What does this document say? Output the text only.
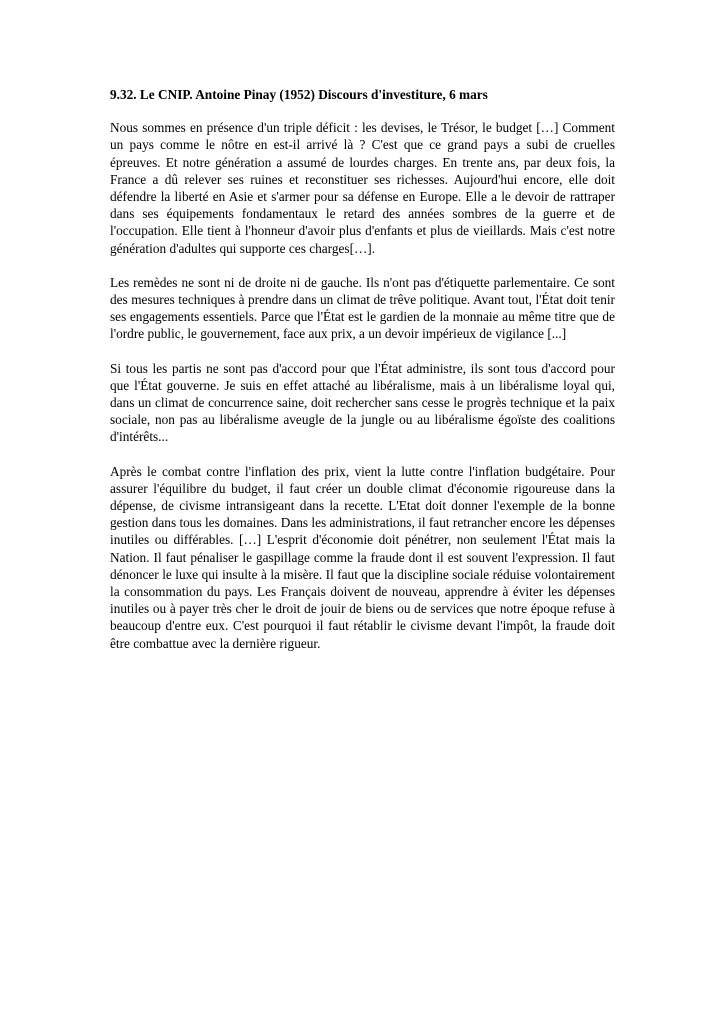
9.32. Le CNIP. Antoine Pinay (1952) Discours d'investiture, 6 mars

Nous sommes en présence d'un triple déficit : les devises, le Trésor, le budget […] Comment un pays comme le nôtre en est-il arrivé là ? C'est que ce grand pays a subi de cruelles épreuves. Et notre génération a assumé de lourdes charges. En trente ans, par deux fois, la France a dû relever ses ruines et reconstituer ses richesses. Aujourd'hui encore, elle doit défendre la liberté en Asie et s'armer pour sa défense en Europe. Elle a le devoir de rattraper dans ses équipements fondamentaux le retard des années sombres de la guerre et de l'occupation. Elle tient à l'honneur d'avoir plus d'enfants et plus de vieillards. Mais c'est notre génération d'adultes qui supporte ces charges[…].

Les remèdes ne sont ni de droite ni de gauche. Ils n'ont pas d'étiquette parlementaire. Ce sont des mesures techniques à prendre dans un climat de trêve politique. Avant tout, l'État doit tenir ses engagements essentiels. Parce que l'État est le gardien de la monnaie au même titre que de l'ordre public, le gouvernement, face aux prix, a un devoir impérieux de vigilance [...]

Si tous les partis ne sont pas d'accord pour que l'État administre, ils sont tous d'accord pour que l'État gouverne. Je suis en effet attaché au libéralisme, mais à un libéralisme loyal qui, dans un climat de concurrence saine, doit rechercher sans cesse le progrès technique et la paix sociale, non pas au libéralisme aveugle de la jungle ou au libéralisme égoïste des coalitions d'intérêts...

Après le combat contre l'inflation des prix, vient la lutte contre l'inflation budgétaire. Pour assurer l'équilibre du budget, il faut créer un double climat d'économie rigoureuse dans la dépense, de civisme intransigeant dans la recette. L'Etat doit donner l'exemple de la bonne gestion dans tous les domaines. Dans les administrations, il faut retrancher encore les dépenses inutiles ou différables. […] L'esprit d'économie doit pénétrer, non seulement l'État mais la Nation. Il faut pénaliser le gaspillage comme la fraude dont il est souvent l'expression. Il faut dénoncer le luxe qui insulte à la misère. Il faut que la discipline sociale réduise volontairement la consommation du pays. Les Français doivent de nouveau, apprendre à éviter les dépenses inutiles ou à payer très cher le droit de jouir de biens ou de services que notre époque refuse à beaucoup d'entre eux. C'est pourquoi il faut rétablir le civisme devant l'impôt, la fraude doit être combattue avec la dernière rigueur.
